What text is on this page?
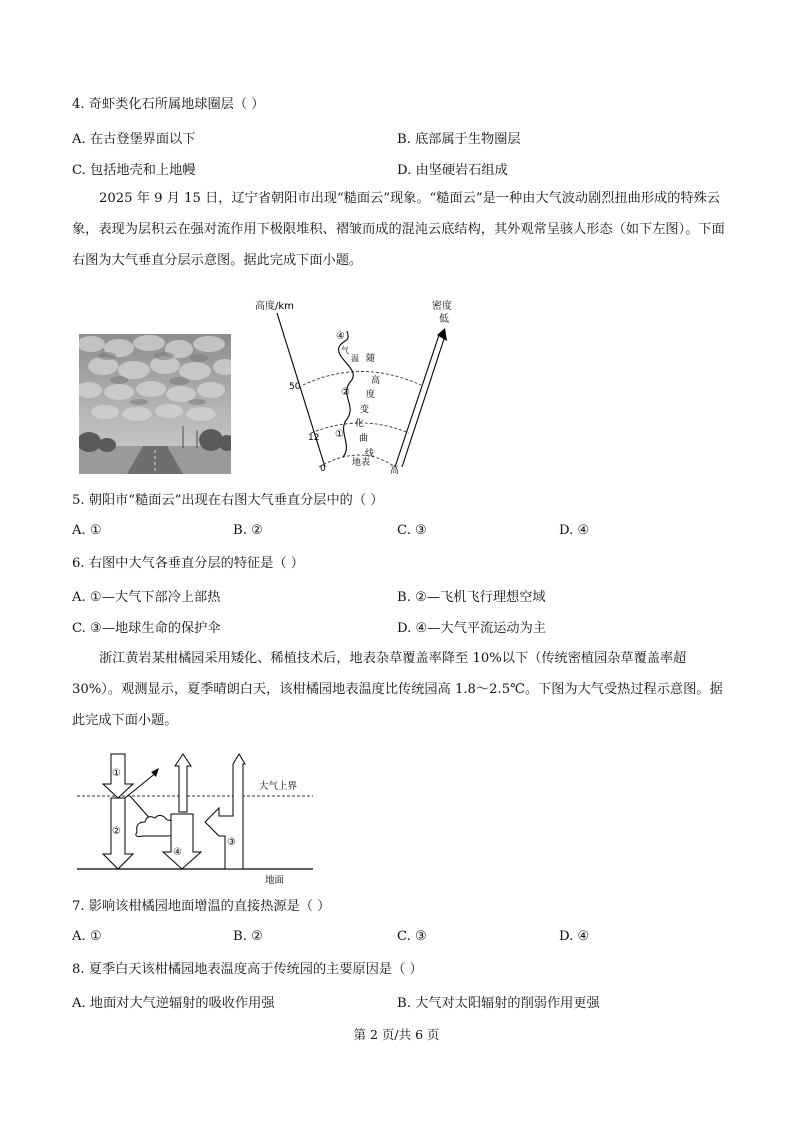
4. 奇虾类化石所属地球圈层（ ）
A. 在古登堡界面以下	B. 底部属于生物圈层
C. 包括地壳和上地幔	D. 由坚硬岩石组成
2025 年 9 月 15 日，辽宁省朝阳市出现“糙面云”现象。“糙面云”是一种由大气波动剧烈扭曲形成的特殊云象，表现为层积云在强对流作用下极限堆积、褶皱而成的混沌云底结构，其外观常呈骇人形态（如下左图）。下面右图为大气垂直分层示意图。据此完成下面小题。
高度/km	密度
低
50
12
0	高
④
②
①
气
温 随
高
度
变
化
曲
线
地表
5. 朝阳市“糙面云”出现在右图大气垂直分层中的（ ）
A. ①	B. ②	C. ③	D. ④
6. 右图中大气各垂直分层的特征是（ ）
A. ①—大气下部冷上部热	B. ②—飞机飞行理想空域
C. ③—地球生命的保护伞	D. ④—大气平流运动为主
浙江黄岩某柑橘园采用矮化、稀植技术后，地表杂草覆盖率降至 10%以下（传统密植园杂草覆盖率超 30%）。观测显示，夏季晴朗白天，该柑橘园地表温度比传统园高 1.8～2.5℃。下图为大气受热过程示意图。据此完成下面小题。
大气上界
地面
①
②
④
③
7. 影响该柑橘园地面增温的直接热源是（ ）
A. ①	B. ②	C. ③	D. ④
8. 夏季白天该柑橘园地表温度高于传统园的主要原因是（ ）
A. 地面对大气逆辐射的吸收作用强	B. 大气对太阳辐射的削弱作用更强
第 2 页/共 6 页
